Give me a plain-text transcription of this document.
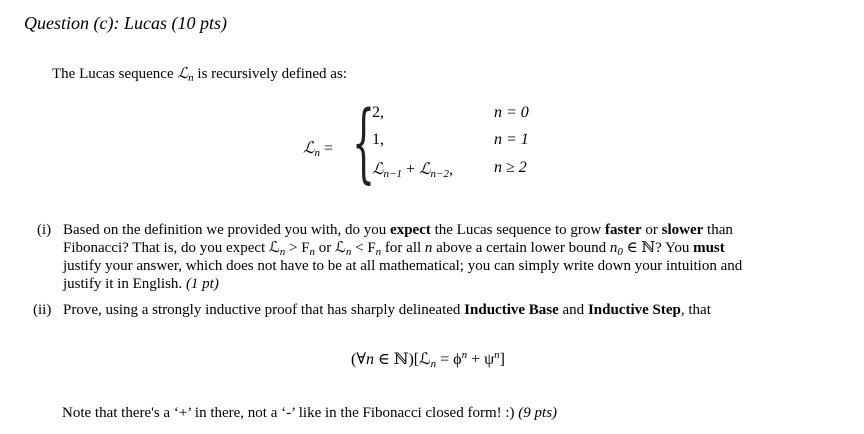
Question (c): Lucas (10 pts)
The Lucas sequence ℒ$_n$ is recursively defined as:
ℒ$_n$ = {
2,
1,
ℒ$_{n-1}$ + ℒ$_{n-2}$,
n = 0
n = 1
n ≥ 2
(i) Based on the definition we provided you with, do you expect the Lucas sequence to grow faster or slower than
Fibonacci? That is, do you expect ℒ$_n$ > $F_n$ or ℒ$_n$ < $F_n$ for all n above a certain lower bound $n_0$ ∈ ℕ? You must
justify your answer, which does not have to be at all mathematical; you can simply write down your intuition and
justify it in English. (1 pt)
(ii) Prove, using a strongly inductive proof that has sharply delineated Inductive Base and Inductive Step, that
(∀n ∈ ℕ)[ℒ$_n$ = $\phi^n + \psi^n$]
Note that there's a ‘+’ in there, not a ‘-’ like in the Fibonacci closed form! :) (9 pts)
